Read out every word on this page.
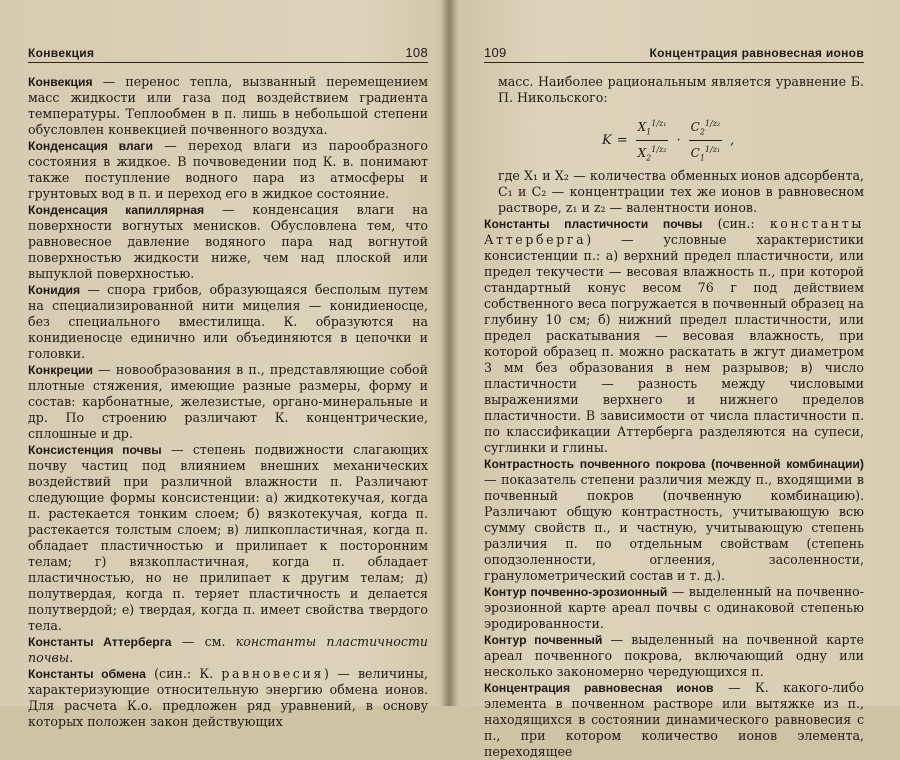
Конвекция	108

Конвекция — перенос тепла, вызванный перемещением масс жидкости или газа под воздействием градиента температуры. Теплообмен в п. лишь в небольшой степени обусловлен конвекцией почвенного воздуха.

Конденсация влаги — переход влаги из парообразного состояния в жидкое. В почвоведении под К. в. понимают также поступление водного пара из атмосферы и грунтовых вод в п. и переход его в жидкое состояние.

Конденсация капиллярная — конденсация влаги на поверхности вогнутых менисков. Обусловлена тем, что равновесное давление водяного пара над вогнутой поверхностью жидкости ниже, чем над плоской или выпуклой поверхностью.

Конидия — спора грибов, образующаяся бесполым путем на специализированной нити мицелия — конидиеносце, без специального вместилища. К. образуются на конидиеносце единично или объединяются в цепочки и головки.

Конкреции — новообразования в п., представляющие собой плотные стяжения, имеющие разные размеры, форму и состав: карбонатные, железистые, органо-минеральные и др. По строению различают К. концентрические, сплошные и др.

Консистенция почвы — степень подвижности слагающих почву частиц под влиянием внешних механических воздействий при различной влажности п. Различают следующие формы консистенции: а) жидкотекучая, когда п. растекается тонким слоем; б) вязкотекучая, когда п. растекается толстым слоем; в) липкопластичная, когда п. обладает пластичностью и прилипает к посторонним телам; г) вязкопластичная, когда п. обладает пластичностью, но не прилипает к другим телам; д) полутвердая, когда п. теряет пластичность и делается полутвердой; е) твердая, когда п. имеет свойства твердого тела.

Константы Аттерберга — см. константы пластичности почвы.

Константы обмена (син.: К. равновесия) — величины, характеризующие относительную энергию обмена ионов. Для расчета К.о. предложен ряд уравнений, в основу которых положен закон действующих

109	Концентрация равновесная ионов

масс. Наиболее рациональным является уравнение Б. П. Никольского:

$K = \frac{X_1^{1/z_1}}{X_2^{1/z_2}} \cdot \frac{C_2^{1/z_2}}{C_1^{1/z_1}}$ ,

где X₁ и X₂ — количества обменных ионов адсорбента, C₁ и C₂ — концентрации тех же ионов в равновесном растворе, z₁ и z₂ — валентности ионов.

Константы пластичности почвы (син.: константы Аттерберга) — условные характеристики консистенции п.: а) верхний предел пластичности, или предел текучести — весовая влажность п., при которой стандартный конус весом 76 г под действием собственного веса погружается в почвенный образец на глубину 10 см; б) нижний предел пластичности, или предел раскатывания — весовая влажность, при которой образец п. можно раскатать в жгут диаметром 3 мм без образования в нем разрывов; в) число пластичности — разность между числовыми выражениями верхнего и нижнего пределов пластичности. В зависимости от числа пластичности п. по классификации Аттерберга разделяются на супеси, суглинки и глины.

Контрастность почвенного покрова (почвенной комбинации) — показатель степени различия между п., входящими в почвенный покров (почвенную комбинацию). Различают общую контрастность, учитывающую всю сумму свойств п., и частную, учитывающую степень различия п. по отдельным свойствам (степень оподзоленности, оглеения, засоленности, гранулометрический состав и т. д.).

Контур почвенно-эрозионный — выделенный на почвенно-эрозионной карте ареал почвы с одинаковой степенью эродированности.

Контур почвенный — выделенный на почвенной карте ареал почвенного покрова, включающий одну или несколько закономерно чередующихся п.

Концентрация равновесная ионов — К. какого-либо элемента в почвенном растворе или вытяжке из п., находящихся в состоянии динамического равновесия с п., при котором количество ионов элемента, переходящее
